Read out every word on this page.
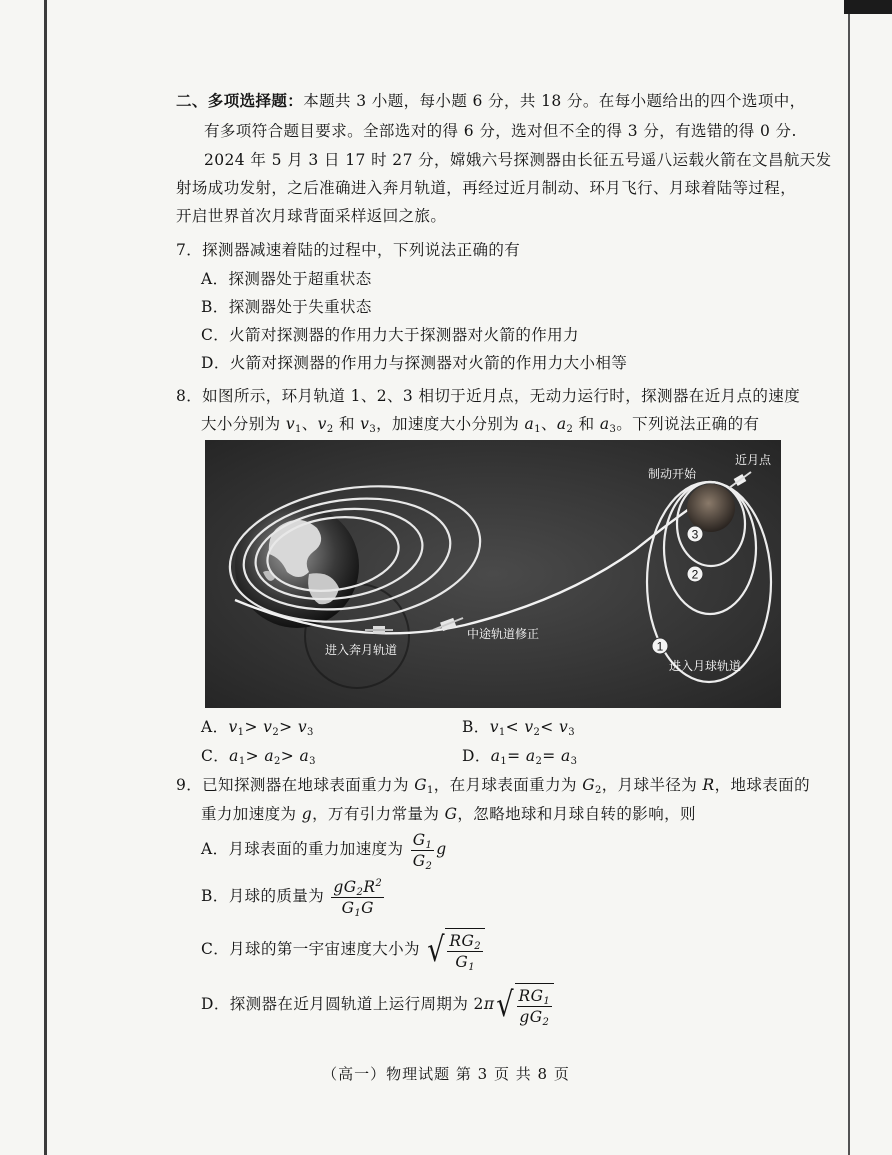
二、多项选择题：本题共 3 小题，每小题 6 分，共 18 分。在每小题给出的四个选项中，
有多项符合题目要求。全部选对的得 6 分，选对但不全的得 3 分，有选错的得 0 分.
2024 年 5 月 3 日 17 时 27 分，嫦娥六号探测器由长征五号遥八运载火箭在文昌航天发
射场成功发射，之后准确进入奔月轨道，再经过近月制动、环月飞行、月球着陆等过程，
开启世界首次月球背面采样返回之旅。
7．探测器减速着陆的过程中，下列说法正确的有
A．探测器处于超重状态
B．探测器处于失重状态
C．火箭对探测器的作用力大于探测器对火箭的作用力
D．火箭对探测器的作用力与探测器对火箭的作用力大小相等
8．如图所示，环月轨道 1、2、3 相切于近月点，无动力运行时，探测器在近月点的速度
大小分别为 $v_1$、$v_2$ 和 $v_3$，加速度大小分别为 $a_1$、$a_2$ 和 $a_3$。下列说法正确的有
3
2
1
制动开始
近月点
中途轨道修正
进入奔月轨道
进入月球轨道
A．$v_1> v_2> v_3$	B．$v_1< v_2< v_3$
C．$a_1> a_2> a_3$	D．$a_1= a_2= a_3$
9．已知探测器在地球表面重力为 $G_1$，在月球表面重力为 $G_2$，月球半径为 R，地球表面的
重力加速度为 g，万有引力常量为 G，忽略地球和月球自转的影响，则
A．月球表面的重力加速度为 $\frac{G_1}{G_2}$ g
B．月球的质量为 $\frac{gG_2R^2}{G_1G}$
C．月球的第一宇宙速度大小为 √ $\frac{RG_2}{G_1}$
D．探测器在近月圆轨道上运行周期为 2π √ $\frac{RG_1}{gG_2}$
（高一）物理试题 第 3 页 共 8 页
